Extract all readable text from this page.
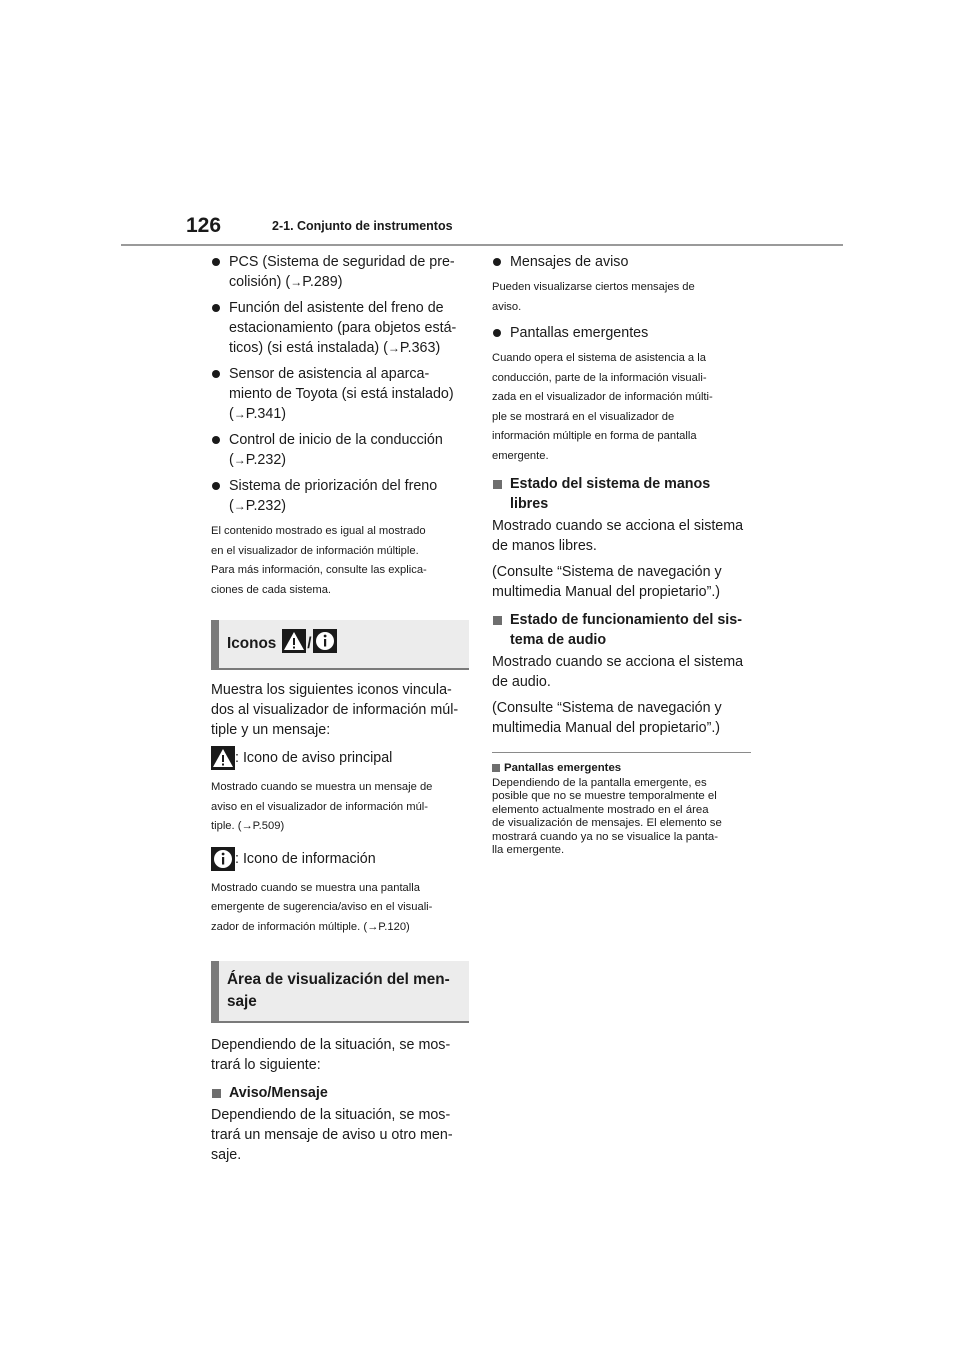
126	2-1. Conjunto de instrumentos
PCS (Sistema de seguridad de pre-
colisión) (→P.289)
Función del asistente del freno de
estacionamiento (para objetos está-
ticos) (si está instalada) (→P.363)
Sensor de asistencia al aparca-
miento de Toyota (si está instalado)
(→P.341)
Control de inicio de la conducción
(→P.232)
Sistema de priorización del freno
(→P.232)

El contenido mostrado es igual al mostrado
en el visualizador de información múltiple.
Para más información, consulte las explica-
ciones de cada sistema.

Iconos /

Muestra los siguientes iconos vincula-
dos al visualizador de información múl-
tiple y un mensaje:

: Icono de aviso principal

Mostrado cuando se muestra un mensaje de
aviso en el visualizador de información múl-
tiple. (→P.509)

: Icono de información

Mostrado cuando se muestra una pantalla
emergente de sugerencia/aviso en el visuali-
zador de información múltiple. (→P.120)

Área de visualización del men-
saje

Dependiendo de la situación, se mos-
trará lo siguiente:

Aviso/Mensaje

Dependiendo de la situación, se mos-
trará un mensaje de aviso u otro men-
saje.

Mensajes de aviso

Pueden visualizarse ciertos mensajes de
aviso.

Pantallas emergentes

Cuando opera el sistema de asistencia a la
conducción, parte de la información visuali-
zada en el visualizador de información múlti-
ple se mostrará en el visualizador de
información múltiple en forma de pantalla
emergente.

Estado del sistema de manos
libres

Mostrado cuando se acciona el sistema
de manos libres.

(Consulte “Sistema de navegación y
multimedia Manual del propietario”.)

Estado de funcionamiento del sis-
tema de audio

Mostrado cuando se acciona el sistema
de audio.

(Consulte “Sistema de navegación y
multimedia Manual del propietario”.)

Pantallas emergentes
Dependiendo de la pantalla emergente, es
posible que no se muestre temporalmente el
elemento actualmente mostrado en el área
de visualización de mensajes. El elemento se
mostrará cuando ya no se visualice la panta-
lla emergente.
